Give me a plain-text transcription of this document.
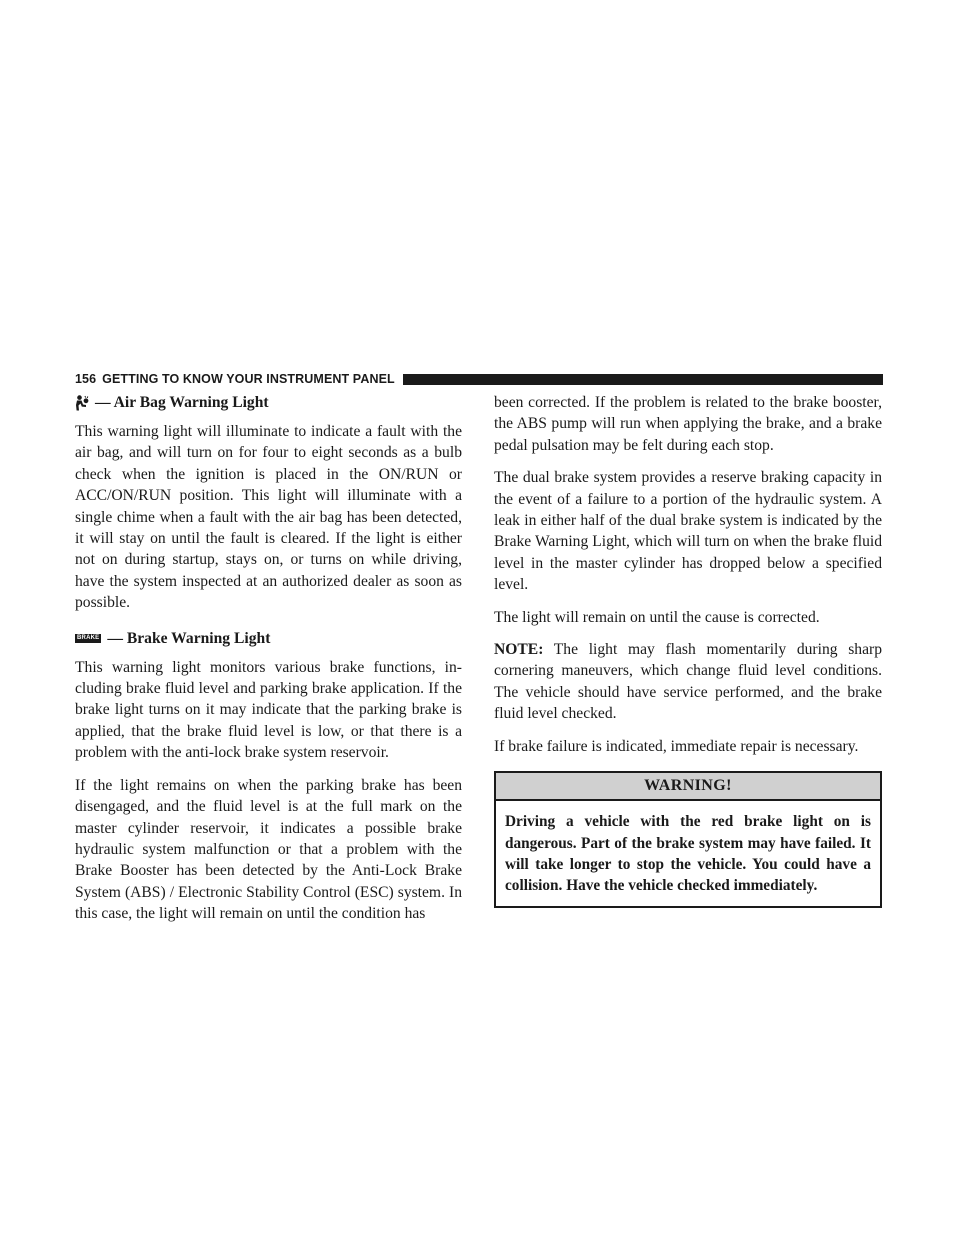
156 GETTING TO KNOW YOUR INSTRUMENT PANEL
— Air Bag Warning Light

This warning light will illuminate to indicate a fault with the air bag, and will turn on for four to eight seconds as a bulb check when the ignition is placed in the ON/RUN or ACC/ON/RUN position. This light will illuminate with a single chime when a fault with the air bag has been detected, it will stay on until the fault is cleared. If the light is either not on during startup, stays on, or turns on while driving, have the system inspected at an authorized dealer as soon as possible.

BRAKE — Brake Warning Light

This warning light monitors various brake functions, including brake fluid level and parking brake application. If the brake light turns on it may indicate that the parking brake is applied, that the brake fluid level is low, or that there is a problem with the anti-lock brake system reservoir.

If the light remains on when the parking brake has been disengaged, and the fluid level is at the full mark on the master cylinder reservoir, it indicates a possible brake hydraulic system malfunction or that a problem with the Brake Booster has been detected by the Anti-Lock Brake System (ABS) / Electronic Stability Control (ESC) system. In this case, the light will remain on until the condition has

been corrected. If the problem is related to the brake booster, the ABS pump will run when applying the brake, and a brake pedal pulsation may be felt during each stop.

The dual brake system provides a reserve braking capacity in the event of a failure to a portion of the hydraulic system. A leak in either half of the dual brake system is indicated by the Brake Warning Light, which will turn on when the brake fluid level in the master cylinder has dropped below a specified level.

The light will remain on until the cause is corrected.

NOTE: The light may flash momentarily during sharp cornering maneuvers, which change fluid level conditions. The vehicle should have service performed, and the brake fluid level checked.

If brake failure is indicated, immediate repair is necessary.

WARNING!
Driving a vehicle with the red brake light on is dangerous. Part of the brake system may have failed. It will take longer to stop the vehicle. You could have a collision. Have the vehicle checked immediately.
